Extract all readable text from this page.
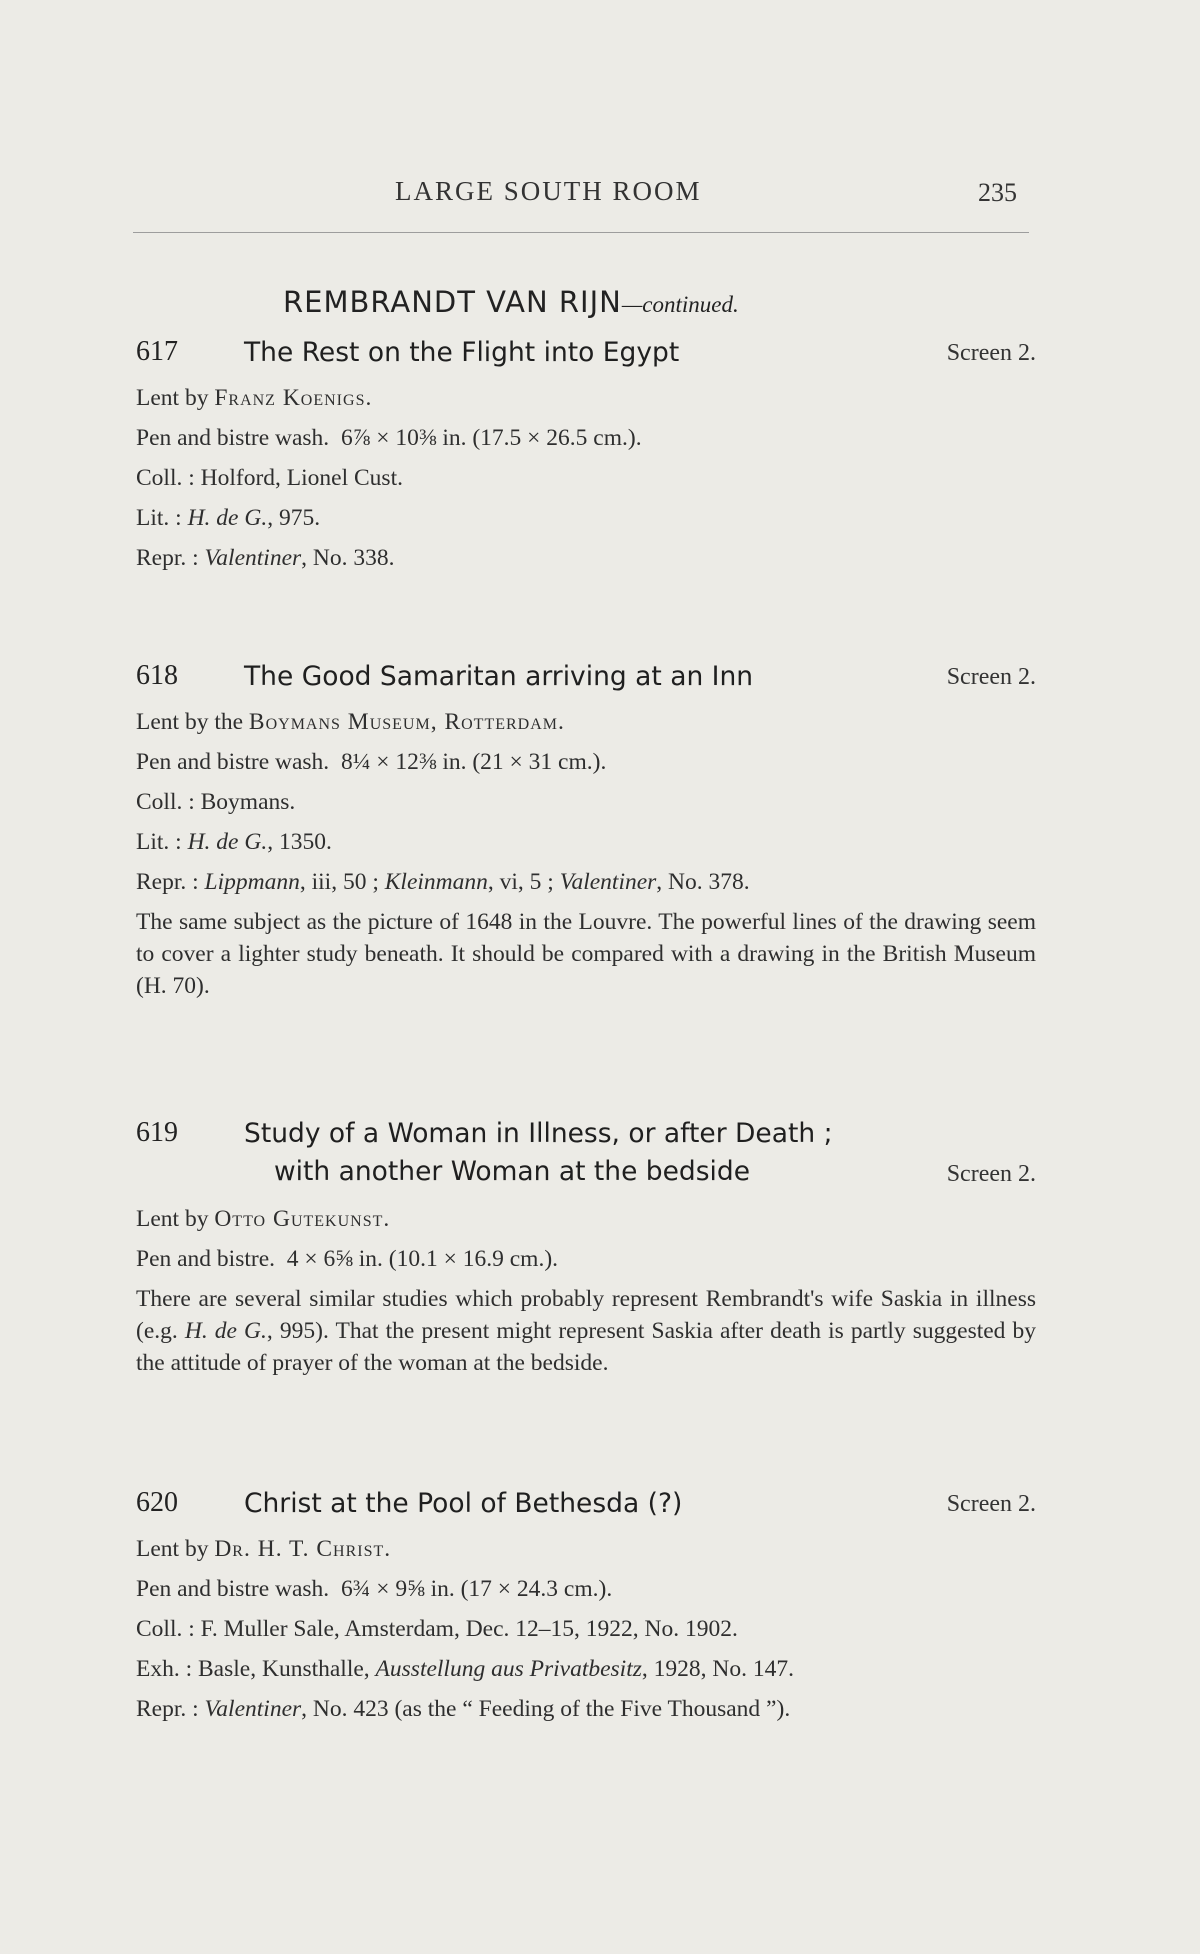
LARGE SOUTH ROOM	235
REMBRANDT VAN RIJN—continued.
617 The Rest on the Flight into Egypt	Screen 2.
Lent by Franz Koenigs.
Pen and bistre wash. 6⅞ × 10⅜ in. (17.5 × 26.5 cm.).
Coll. : Holford, Lionel Cust.
Lit. : H. de G., 975.
Repr. : Valentiner, No. 338.
618 The Good Samaritan arriving at an Inn	Screen 2.
Lent by the Boymans Museum, Rotterdam.
Pen and bistre wash. 8¼ × 12⅜ in. (21 × 31 cm.).
Coll. : Boymans.
Lit. : H. de G., 1350.
Repr. : Lippmann, iii, 50 ; Kleinmann, vi, 5 ; Valentiner, No. 378.
The same subject as the picture of 1648 in the Louvre. The powerful lines of the drawing seem to cover a lighter study beneath. It should be compared with a drawing in the British Museum (H. 70).
619 Study of a Woman in Illness, or after Death ;
with another Woman at the bedside	Screen 2.
Lent by Otto Gutekunst.
Pen and bistre. 4 × 6⅝ in. (10.1 × 16.9 cm.).
There are several similar studies which probably represent Rembrandt's wife Saskia in illness (e.g. H. de G., 995). That the present might represent Saskia after death is partly suggested by the attitude of prayer of the woman at the bedside.
620 Christ at the Pool of Bethesda (?)	Screen 2.
Lent by Dr. H. T. Christ.
Pen and bistre wash. 6¾ × 9⅝ in. (17 × 24.3 cm.).
Coll. : F. Muller Sale, Amsterdam, Dec. 12–15, 1922, No. 1902.
Exh. : Basle, Kunsthalle, Ausstellung aus Privatbesitz, 1928, No. 147.
Repr. : Valentiner, No. 423 (as the “ Feeding of the Five Thousand ”).
